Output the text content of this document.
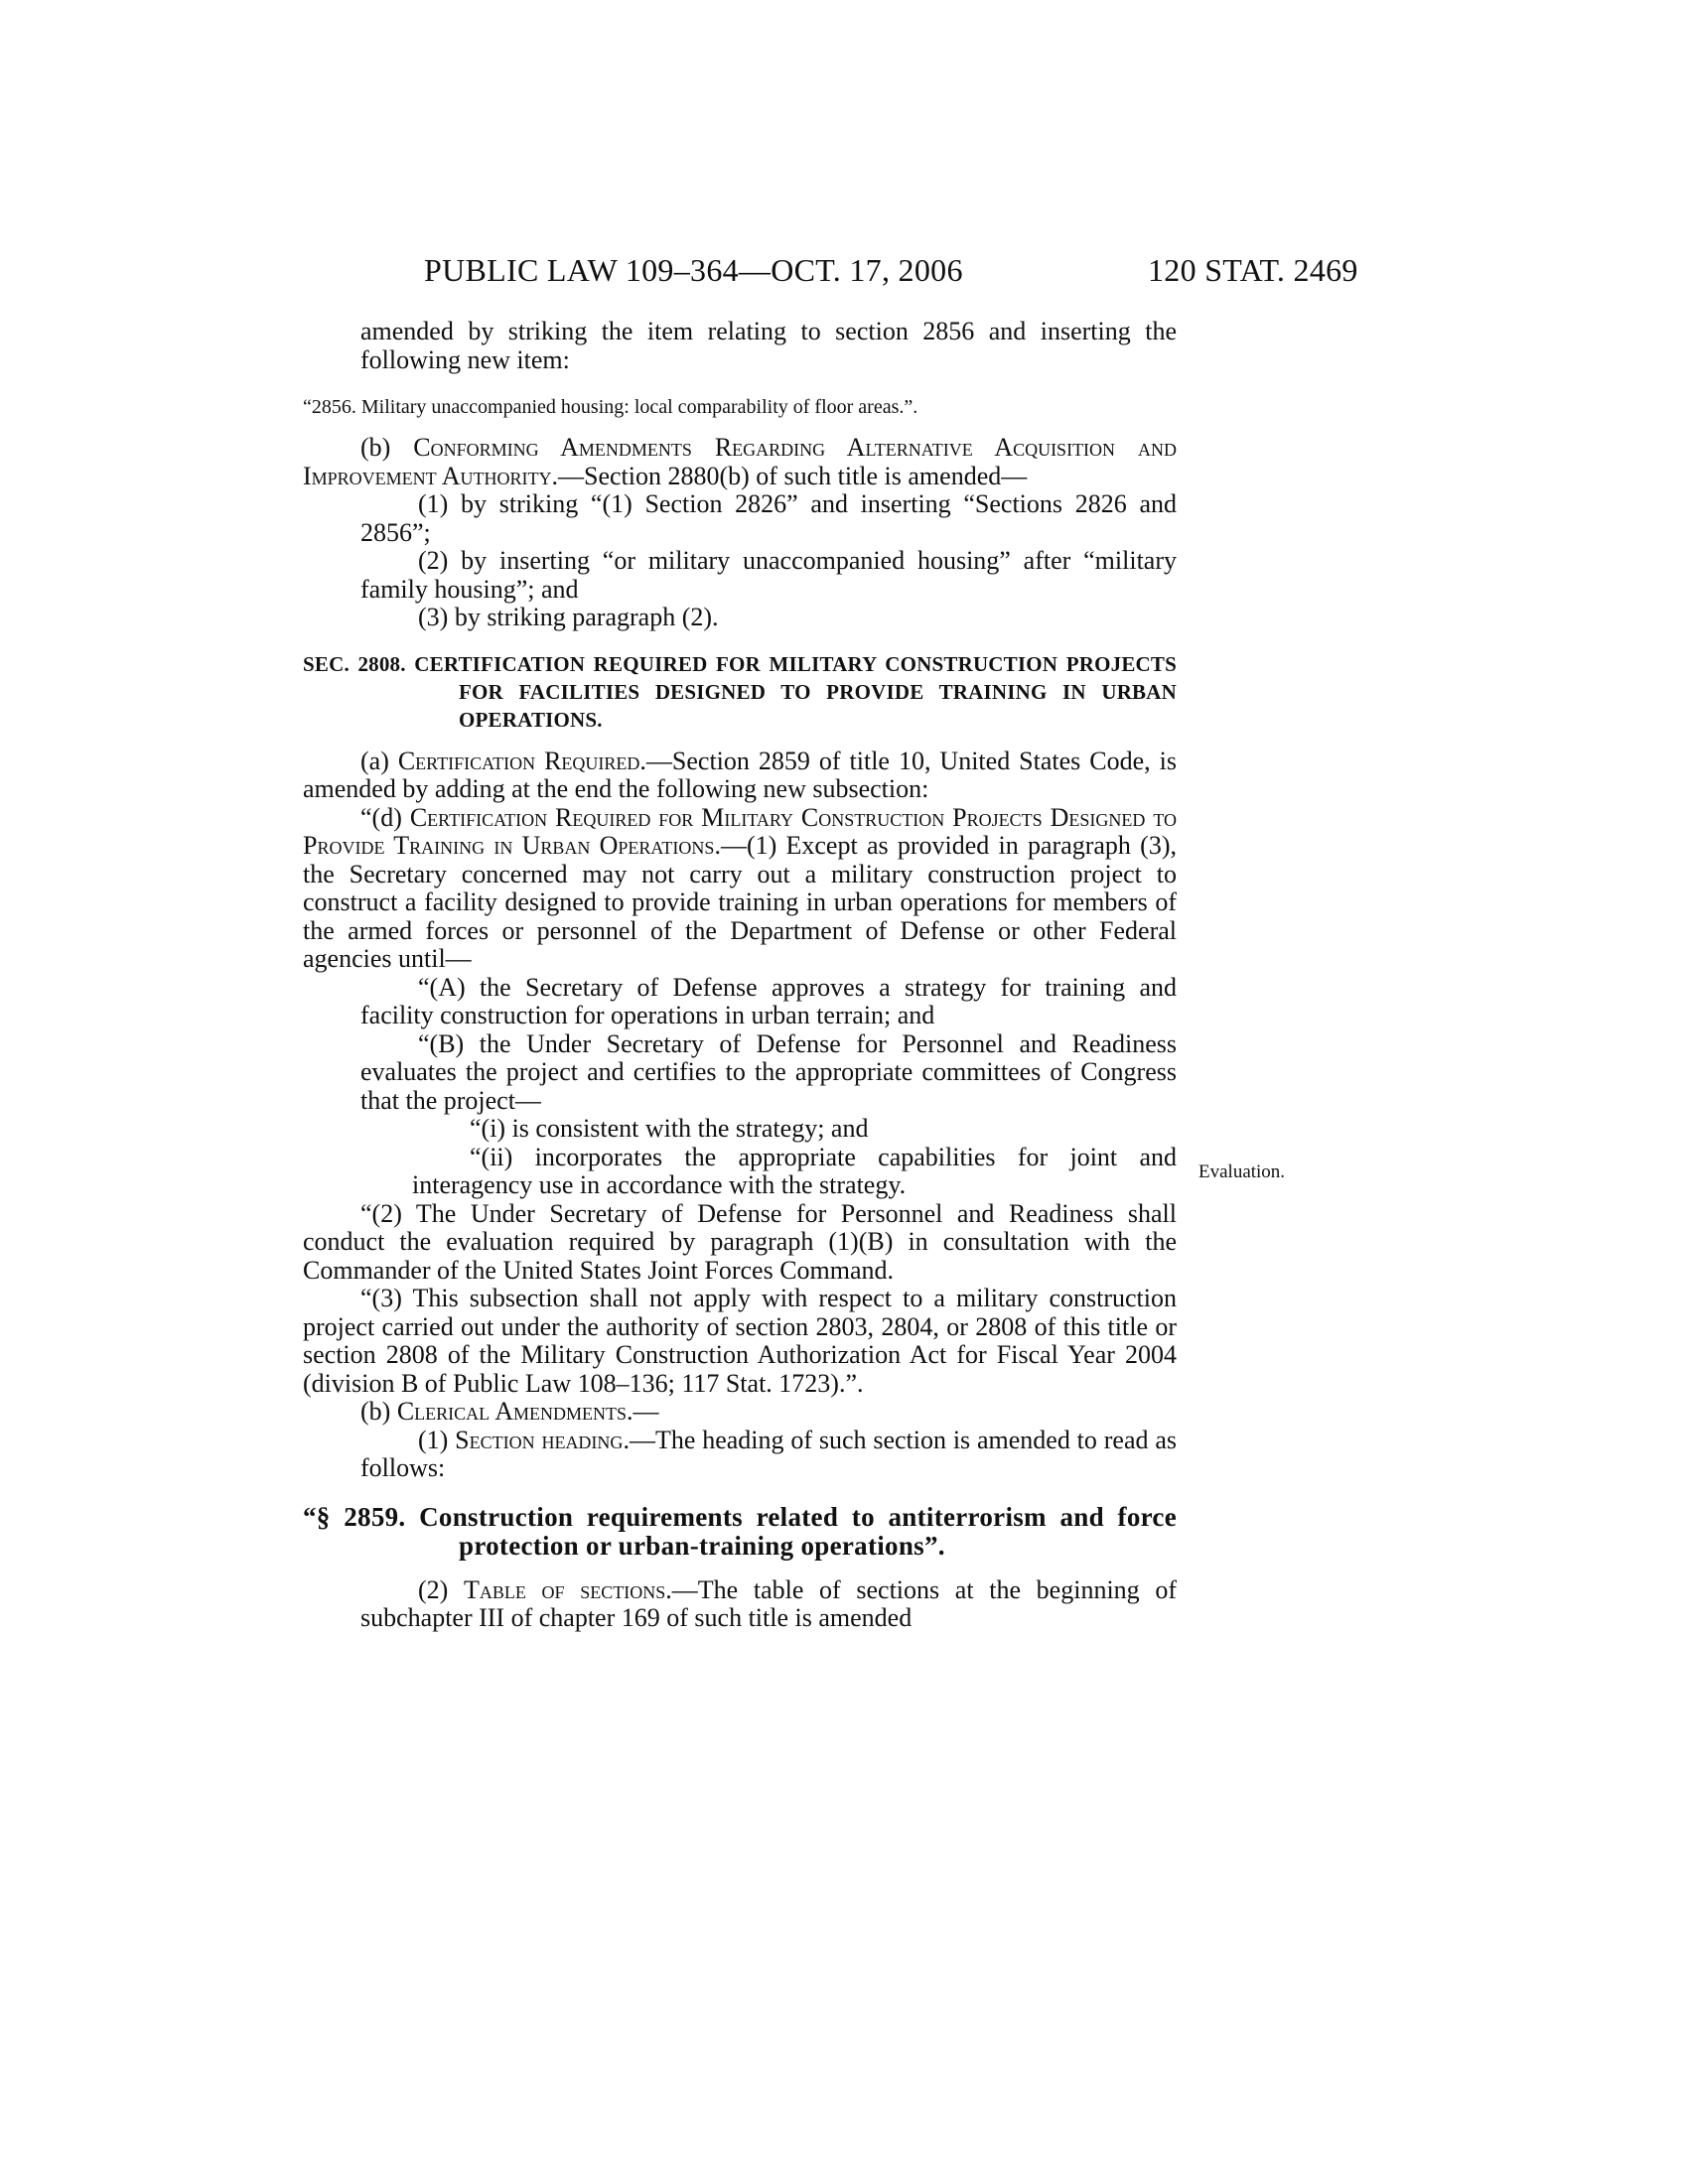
PUBLIC LAW 109–364—OCT. 17, 2006	120 STAT. 2469
Evaluation.

amended by striking the item relating to section 2856 and inserting the following new item:

“2856. Military unaccompanied housing: local comparability of floor areas.”.

(b) Conforming Amendments Regarding Alternative Acquisition and Improvement Authority.—Section 2880(b) of such title is amended—

(1) by striking “(1) Section 2826” and inserting “Sections 2826 and 2856”;

(2) by inserting “or military unaccompanied housing” after “military family housing”; and

(3) by striking paragraph (2).

SEC. 2808. CERTIFICATION REQUIRED FOR MILITARY CONSTRUCTION PROJECTS FOR FACILITIES DESIGNED TO PROVIDE TRAINING IN URBAN OPERATIONS.

(a) Certification Required.—Section 2859 of title 10, United States Code, is amended by adding at the end the following new subsection:

“(d) Certification Required for Military Construction Projects Designed to Provide Training in Urban Operations.—(1) Except as provided in paragraph (3), the Secretary concerned may not carry out a military construction project to construct a facility designed to provide training in urban operations for members of the armed forces or personnel of the Department of Defense or other Federal agencies until—

“(A) the Secretary of Defense approves a strategy for training and facility construction for operations in urban terrain; and

“(B) the Under Secretary of Defense for Personnel and Readiness evaluates the project and certifies to the appropriate committees of Congress that the project—

“(i) is consistent with the strategy; and

“(ii) incorporates the appropriate capabilities for joint and interagency use in accordance with the strategy.

“(2) The Under Secretary of Defense for Personnel and Readiness shall conduct the evaluation required by paragraph (1)(B) in consultation with the Commander of the United States Joint Forces Command.

“(3) This subsection shall not apply with respect to a military construction project carried out under the authority of section 2803, 2804, or 2808 of this title or section 2808 of the Military Construction Authorization Act for Fiscal Year 2004 (division B of Public Law 108–136; 117 Stat. 1723).”.

(b) Clerical Amendments.—

(1) Section heading.—The heading of such section is amended to read as follows:

“§ 2859. Construction requirements related to antiterrorism and force protection or urban-training operations”.

(2) Table of sections.—The table of sections at the beginning of subchapter III of chapter 169 of such title is amended
